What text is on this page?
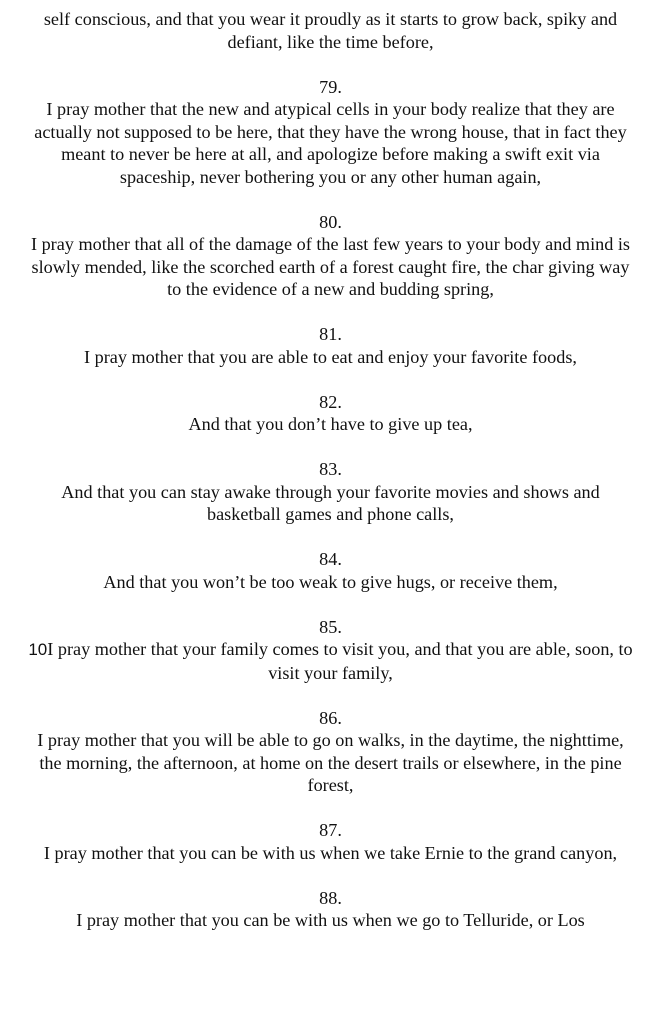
self conscious, and that you wear it proudly as it starts to grow back, spiky and defiant, like the time before,
79.
I pray mother that the new and atypical cells in your body realize that they are actually not supposed to be here, that they have the wrong house, that in fact they meant to never be here at all, and apologize before making a swift exit via spaceship, never bothering you or any other human again,
80.
I pray mother that all of the damage of the last few years to your body and mind is slowly mended, like the scorched earth of a forest caught fire, the char giving way to the evidence of a new and budding spring,
81.
I pray mother that you are able to eat and enjoy your favorite foods,
82.
And that you don’t have to give up tea,
83.
And that you can stay awake through your favorite movies and shows and basketball games and phone calls,
84.
And that you won’t be too weak to give hugs, or receive them,
85.
10I pray mother that your family comes to visit you, and that you are able, soon, to visit your family,
86.
I pray mother that you will be able to go on walks, in the daytime, the nighttime, the morning, the afternoon, at home on the desert trails or elsewhere, in the pine forest,
87.
I pray mother that you can be with us when we take Ernie to the grand canyon,
88.
I pray mother that you can be with us when we go to Telluride, or Los
